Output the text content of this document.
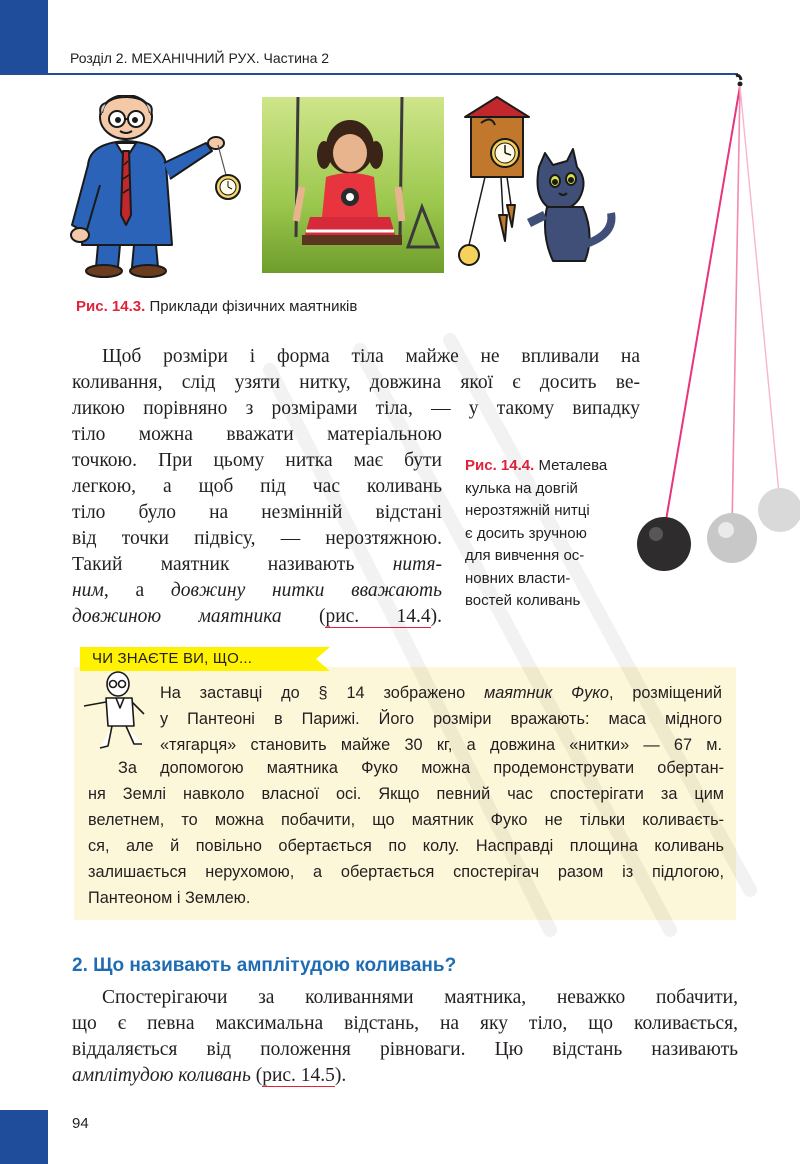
Розділ 2. МЕХАНІЧНИЙ РУХ. Частина 2
Рис. 14.3. Приклади фізичних маятників
Рис. 14.4. Металева
кулька на довгій
нерозтяжній нитці
є досить зручною
для вивчення ос-
новних власти-
востей коливань
Щоб розміри і форма тіла майже не впливали на
коливання, слід узяти нитку, довжина якої є досить ве-
ликою порівняно з розмірами тіла, — у такому випадку
тіло можна вважати матеріальною
точкою. При цьому нитка має бути
легкою, а щоб під час коливань
тіло було на незмінній відстані
від точки підвісу, — нерозтяжною.
Такий маятник називають нитя-
ним, а довжину нитки вважають
довжиною маятника (рис. 14.4).
ЧИ ЗНАЄТЕ ВИ, ЩО...
На заставці до § 14 зображено маятник Фуко, розміщений
у Пантеоні в Парижі. Його розміри вражають: маса мідного
«тягарця» становить майже 30 кг, а довжина «нитки» — 67 м.
За допомогою маятника Фуко можна продемонструвати обертан-
ня Землі навколо власної осі. Якщо певний час спостерігати за цим
велетнем, то можна побачити, що маятник Фуко не тільки коливаєть-
ся, але й повільно обертається по колу. Насправді площина коливань
залишається нерухомою, а обертається спостерігач разом із підлогою,
Пантеоном і Землею.
2. Що називають амплітудою коливань?
Спостерігаючи за коливаннями маятника, неважко побачити,
що є певна максимальна відстань, на яку тіло, що коливається,
віддаляється від положення рівноваги. Цю відстань називають
амплітудою коливань (рис. 14.5).
94
